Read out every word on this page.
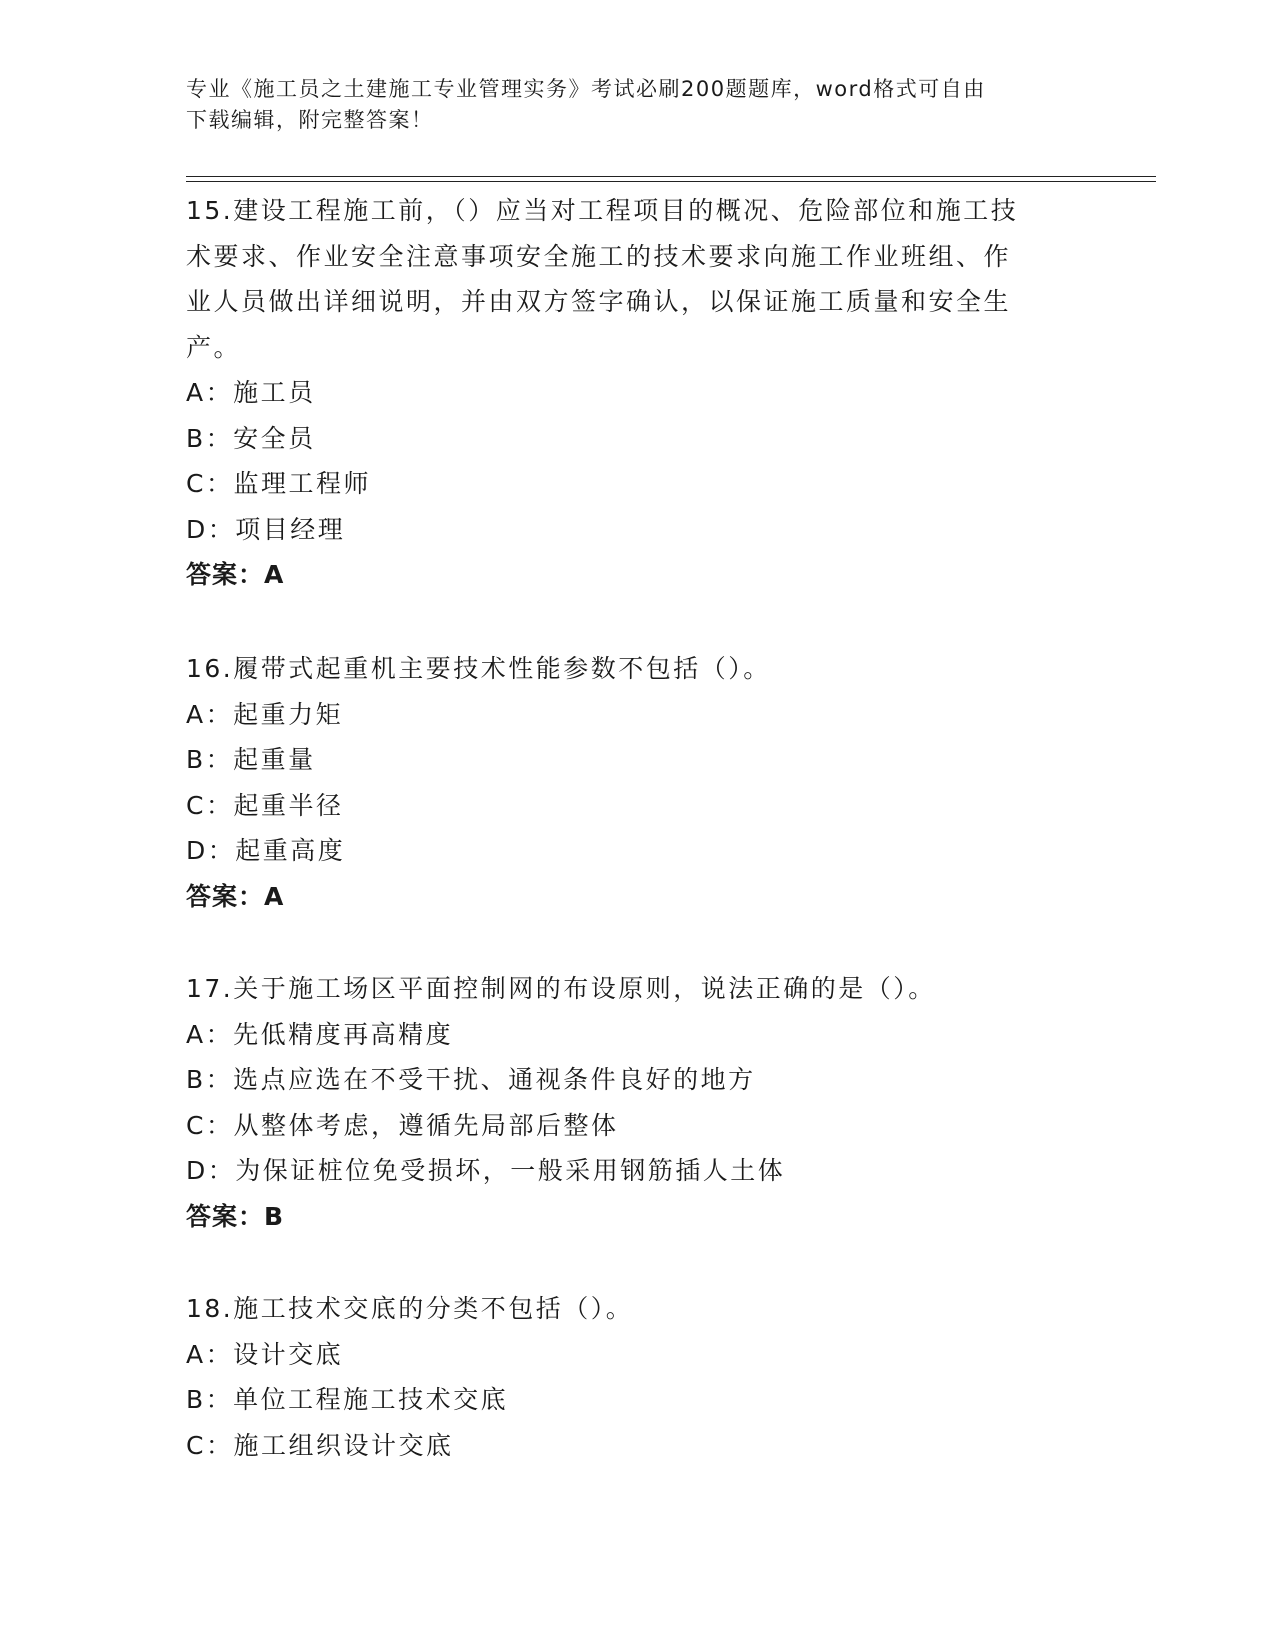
专业《施工员之土建施工专业管理实务》考试必刷200题题库，word格式可自由
下载编辑，附完整答案！
15.建设工程施工前，（）应当对工程项目的概况、危险部位和施工技
术要求、作业安全注意事项安全施工的技术要求向施工作业班组、作
业人员做出详细说明，并由双方签字确认，以保证施工质量和安全生
产。
A：施工员
B：安全员
C：监理工程师
D：项目经理
答案：A
16.履带式起重机主要技术性能参数不包括（）。
A：起重力矩
B：起重量
C：起重半径
D：起重高度
答案：A
17.关于施工场区平面控制网的布设原则，说法正确的是（）。
A：先低精度再高精度
B：选点应选在不受干扰、通视条件良好的地方
C：从整体考虑，遵循先局部后整体
D：为保证桩位免受损坏，一般采用钢筋插人土体
答案：B
18.施工技术交底的分类不包括（）。
A：设计交底
B：单位工程施工技术交底
C：施工组织设计交底
